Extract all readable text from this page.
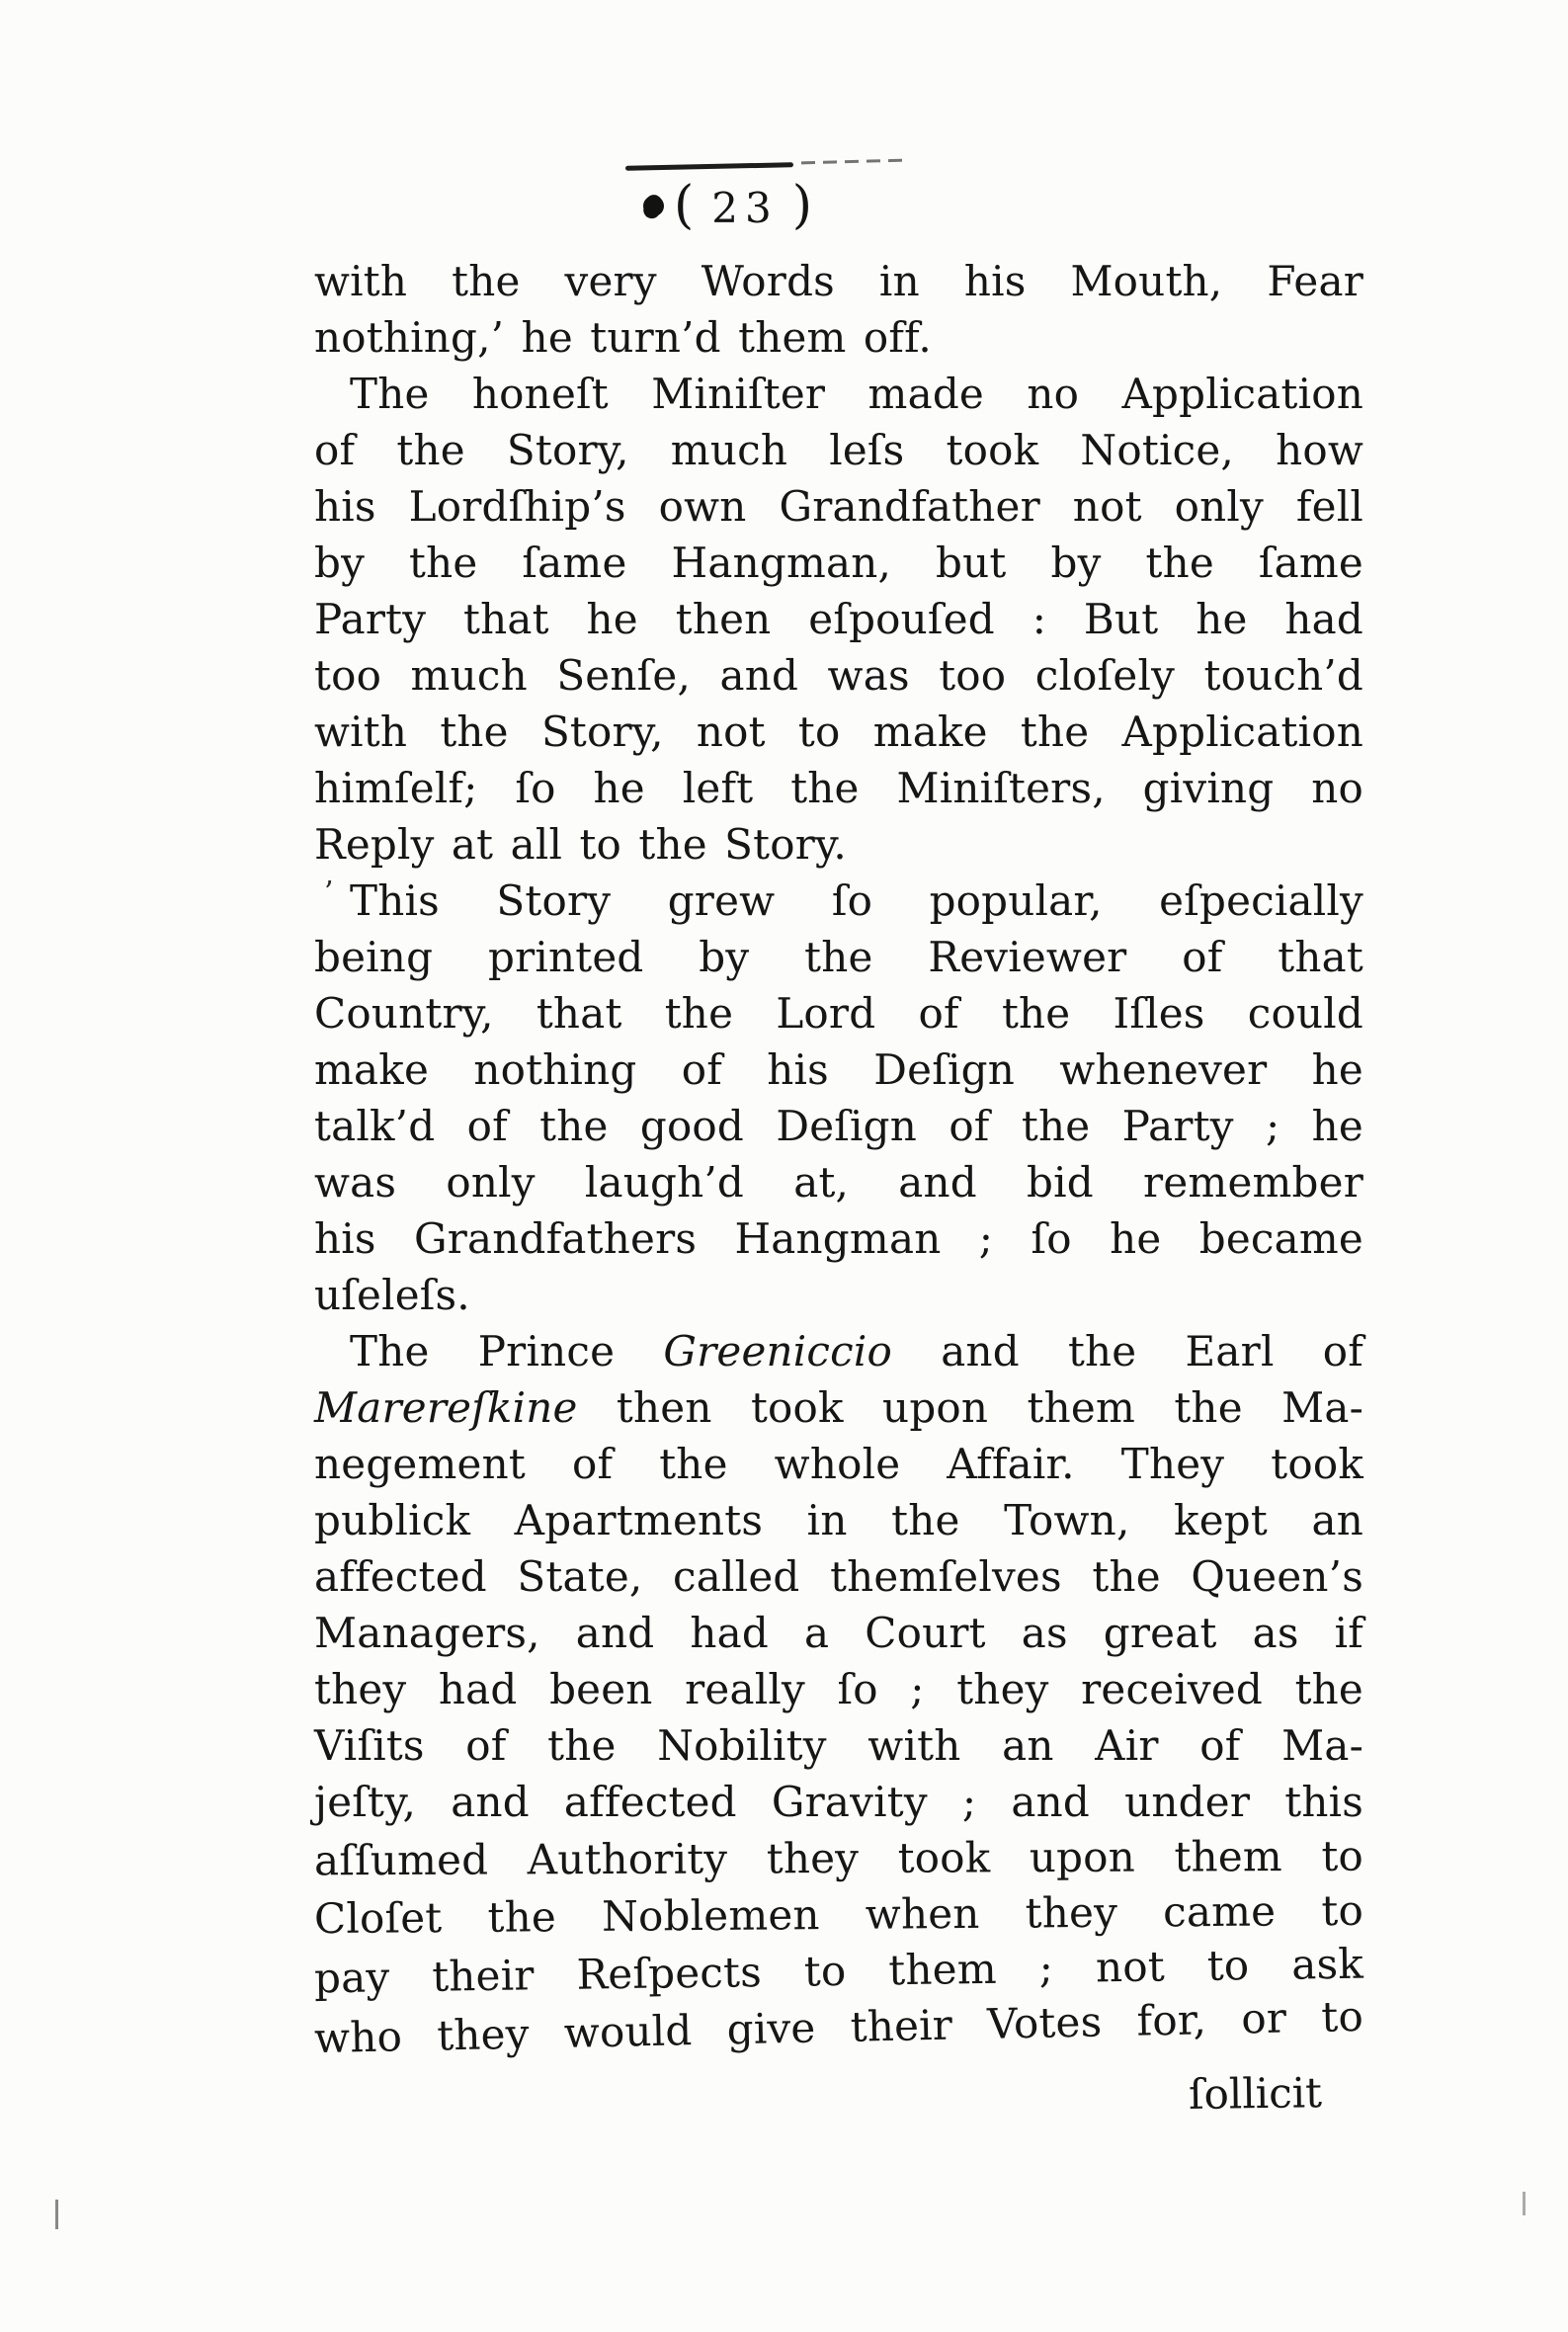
( 23 )
with the very Words in his Mouth, Fear
nothing,’ he turn’d them off.
The honeſt Miniſter made no Application
of the Story, much leſs took Notice, how
his Lordſhip’s own Grandfather not only fell
by the ſame Hangman, but by the ſame
Party that he then eſpouſed : But he had
too much Senſe, and was too cloſely touch’d
with the Story, not to make the Application
himſelf; ſo he left the Miniſters, giving no
Reply at all to the Story.
’ This Story grew ſo popular, eſpecially
being printed by the Reviewer of that
Country, that the Lord of the Iſles could
make nothing of his Deſign whenever he
talk’d of the good Deſign of the Party ; he
was only laugh’d at, and bid remember
his Grandfathers Hangman ; ſo he became
uſeleſs.
The Prince Greeniccio and the Earl of
Marereſkine then took upon them the Ma-
negement of the whole Affair. They took
publick Apartments in the Town, kept an
affected State, called themſelves the Queen’s
Managers, and had a Court as great as if
they had been really ſo ; they received the
Viſits of the Nobility with an Air of Ma-
jeſty, and affected Gravity ; and under this
aſſumed Authority they took upon them to
Cloſet the Noblemen when they came to
pay their Reſpects to them ; not to ask
who they would give their Votes for, or to
ſollicit
